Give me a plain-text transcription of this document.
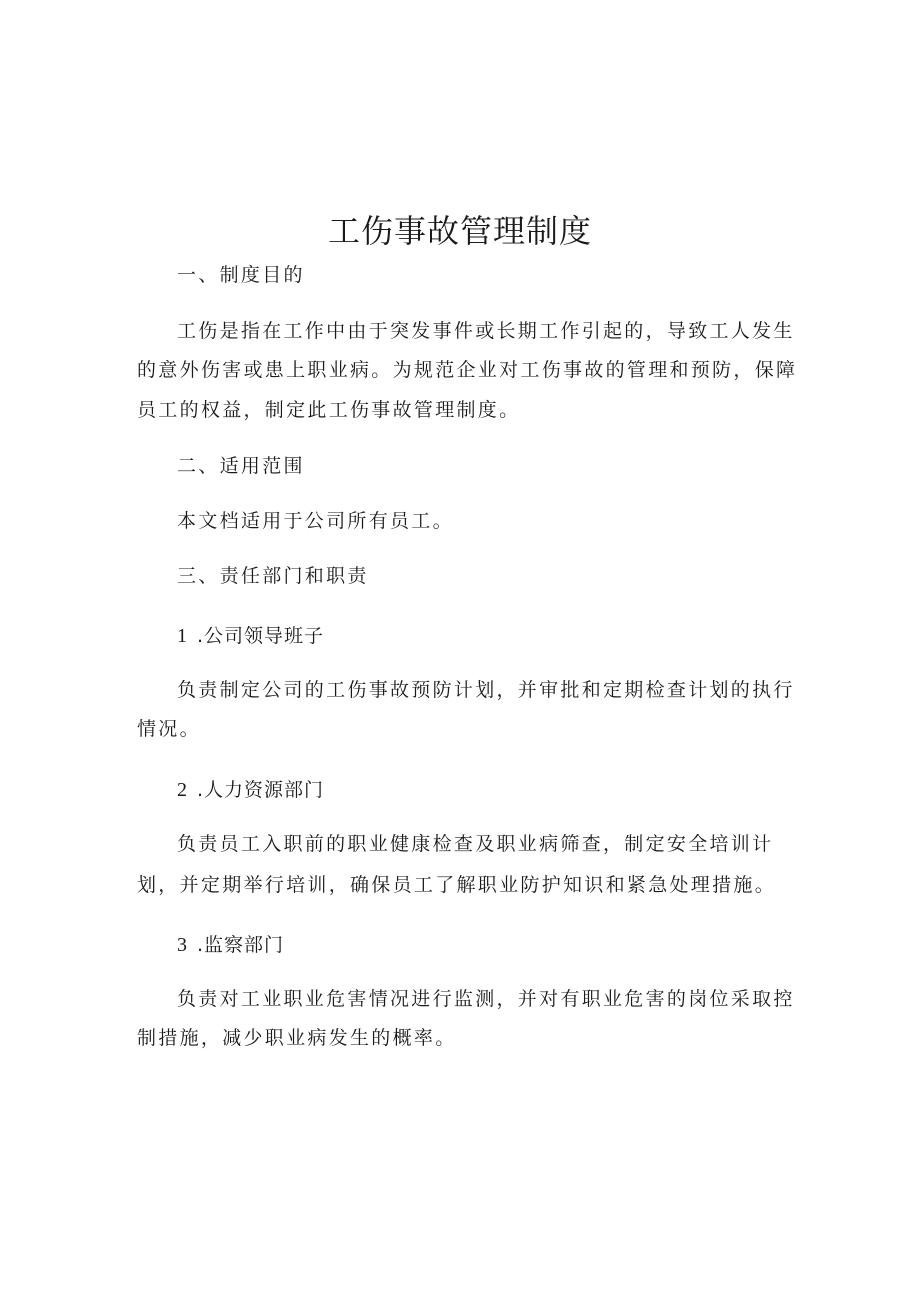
工伤事故管理制度

一、制度目的

工伤是指在工作中由于突发事件或长期工作引起的，导致工人发生

的意外伤害或患上职业病。为规范企业对工伤事故的管理和预防，保障

员工的权益，制定此工伤事故管理制度。

二、适用范围

本文档适用于公司所有员工。

三、责任部门和职责

1 .公司领导班子

负责制定公司的工伤事故预防计划，并审批和定期检查计划的执行

情况。

2 .人力资源部门

负责员工入职前的职业健康检查及职业病筛查，制定安全培训计

划，并定期举行培训，确保员工了解职业防护知识和紧急处理措施。

3 .监察部门

负责对工业职业危害情况进行监测，并对有职业危害的岗位采取控

制措施，减少职业病发生的概率。
